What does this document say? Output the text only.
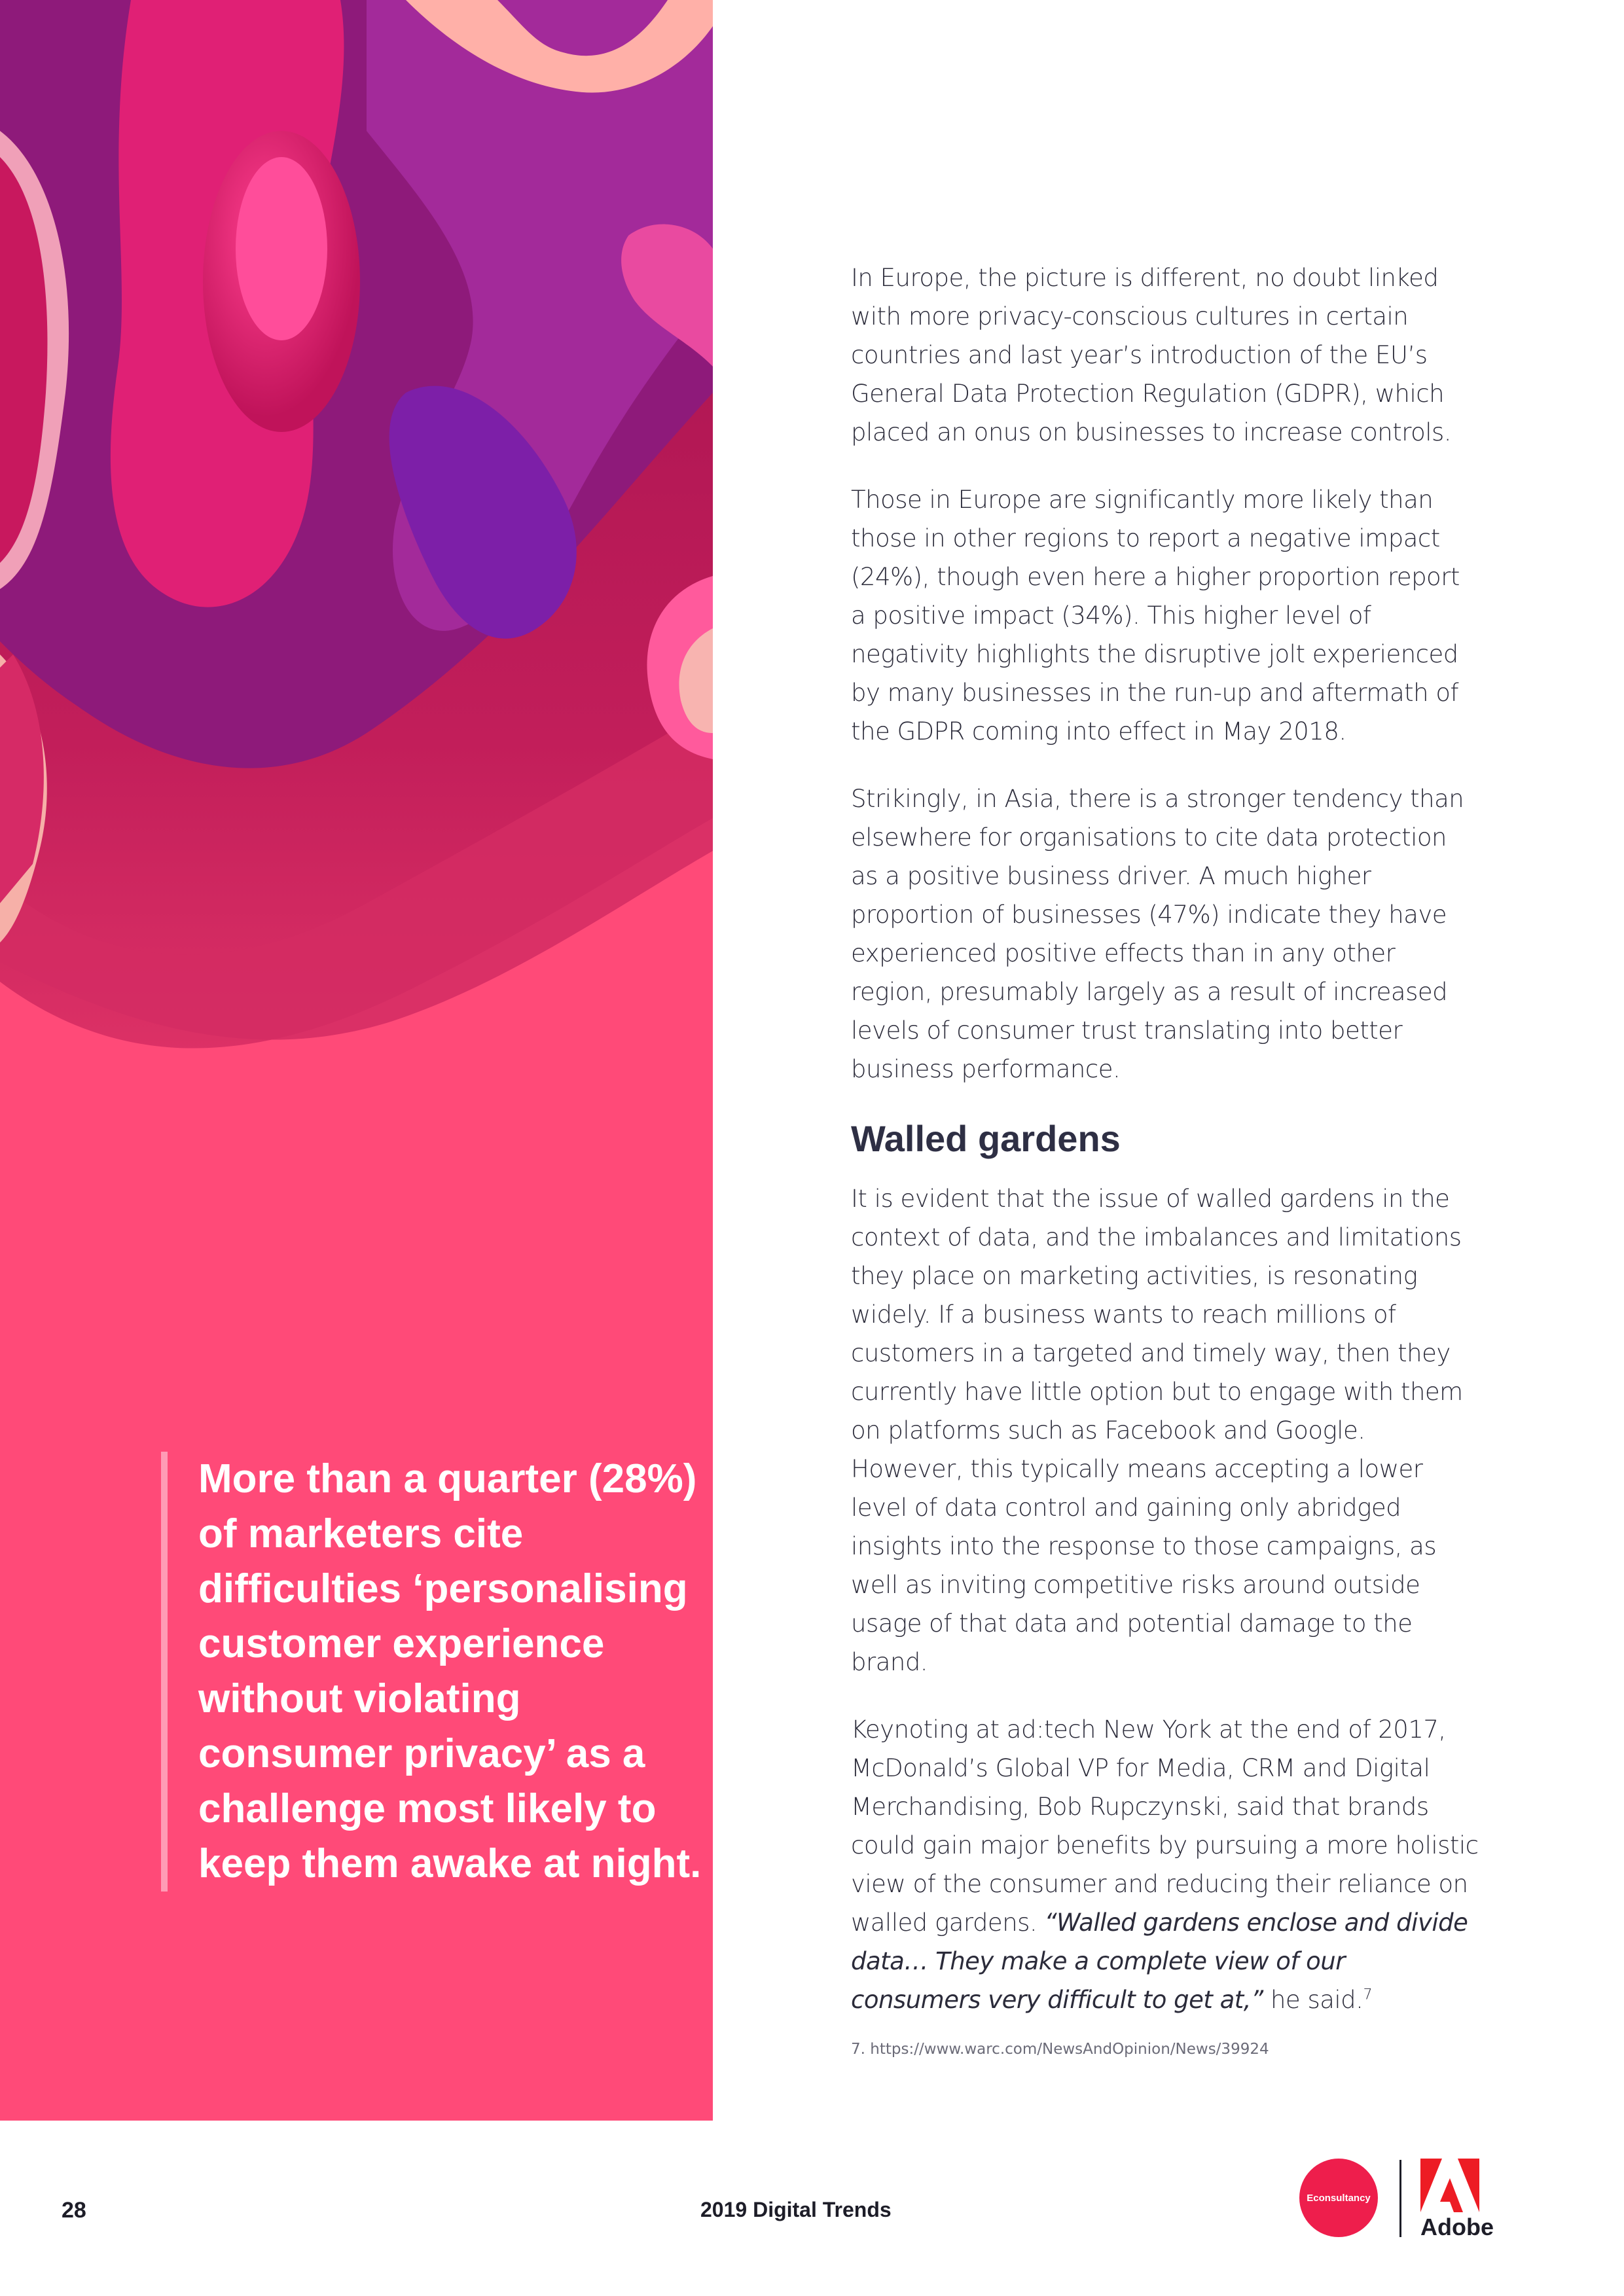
More than a quarter (28%) of marketers cite difficulties ‘personalising customer experience without violating consumer privacy’ as a challenge most likely to keep them awake at night.

In Europe, the picture is different, no doubt linked with more privacy-conscious cultures in certain countries and last year’s introduction of the EU’s General Data Protection Regulation (GDPR), which placed an onus on businesses to increase controls.

Those in Europe are significantly more likely than those in other regions to report a negative impact (24%), though even here a higher proportion report a positive impact (34%). This higher level of negativity highlights the disruptive jolt experienced by many businesses in the run-up and aftermath of the GDPR coming into effect in May 2018.

Strikingly, in Asia, there is a stronger tendency than elsewhere for organisations to cite data protection as a positive business driver. A much higher proportion of businesses (47%) indicate they have experienced positive effects than in any other region, presumably largely as a result of increased levels of consumer trust translating into better business performance.

Walled gardens

It is evident that the issue of walled gardens in the context of data, and the imbalances and limitations they place on marketing activities, is resonating widely. If a business wants to reach millions of customers in a targeted and timely way, then they currently have little option but to engage with them on platforms such as Facebook and Google. However, this typically means accepting a lower level of data control and gaining only abridged insights into the response to those campaigns, as well as inviting competitive risks around outside usage of that data and potential damage to the brand.

Keynoting at ad:tech New York at the end of 2017, McDonald’s Global VP for Media, CRM and Digital Merchandising, Bob Rupczynski, said that brands could gain major benefits by pursuing a more holistic view of the consumer and reducing their reliance on walled gardens. “Walled gardens enclose and divide data… They make a complete view of our consumers very difficult to get at,” he said.$^7$

7. https://www.warc.com/NewsAndOpinion/News/39924
28	2019 Digital Trends	Econsultancy
Adobe
